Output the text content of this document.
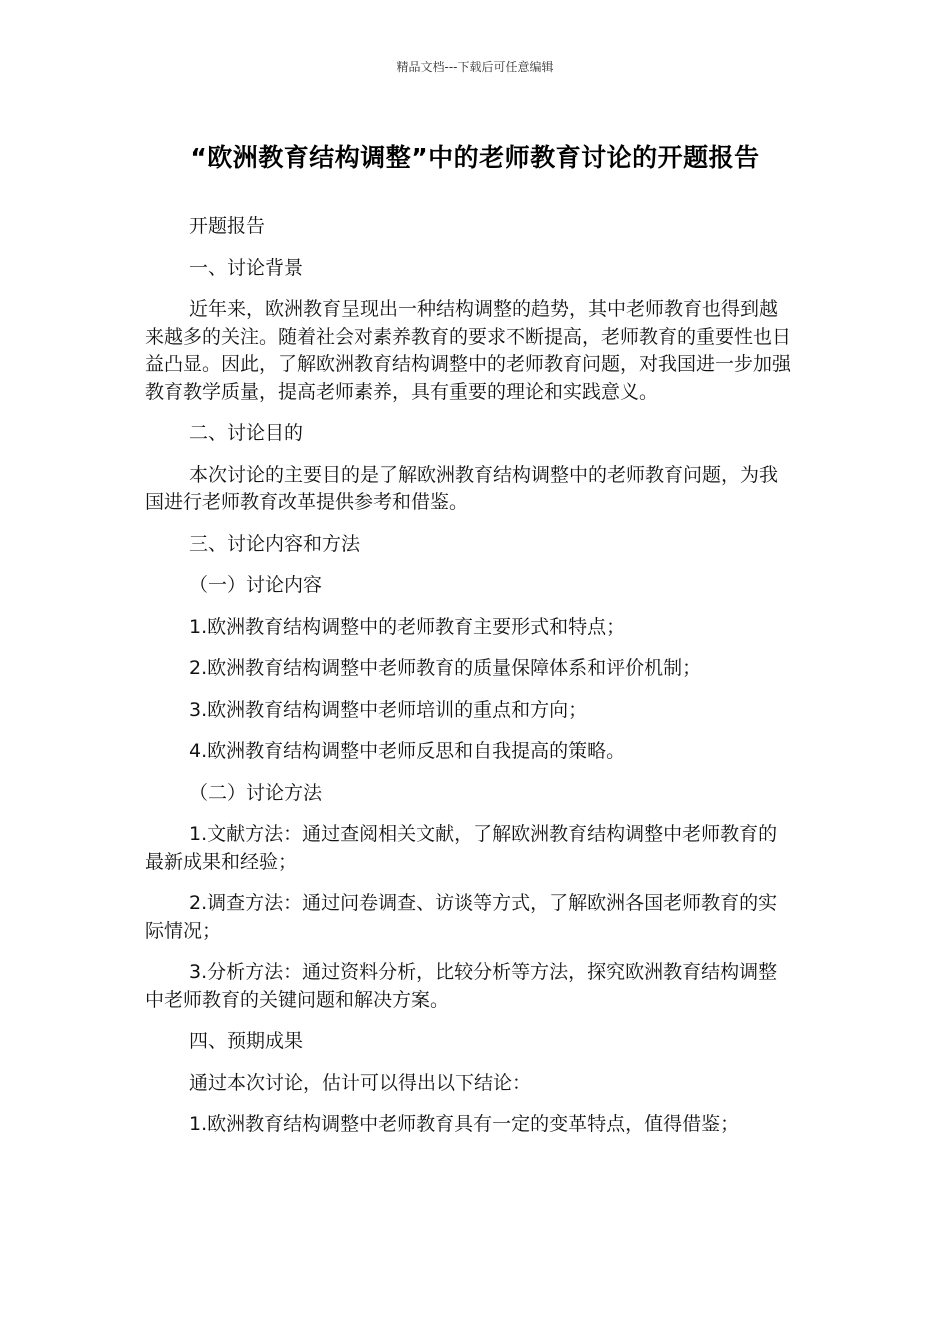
精品文档---下载后可任意编辑
“欧洲教育结构调整”中的老师教育讨论的开题报告

开题报告

一、讨论背景

近年来，欧洲教育呈现出一种结构调整的趋势，其中老师教育也得到越来越多的关注。随着社会对素养教育的要求不断提高，老师教育的重要性也日益凸显。因此，了解欧洲教育结构调整中的老师教育问题，对我国进一步加强教育教学质量，提高老师素养，具有重要的理论和实践意义。

二、讨论目的

本次讨论的主要目的是了解欧洲教育结构调整中的老师教育问题，为我国进行老师教育改革提供参考和借鉴。

三、讨论内容和方法

（一）讨论内容

1.欧洲教育结构调整中的老师教育主要形式和特点；

2.欧洲教育结构调整中老师教育的质量保障体系和评价机制；

3.欧洲教育结构调整中老师培训的重点和方向；

4.欧洲教育结构调整中老师反思和自我提高的策略。

（二）讨论方法

1.文献方法：通过查阅相关文献，了解欧洲教育结构调整中老师教育的最新成果和经验；

2.调查方法：通过问卷调查、访谈等方式，了解欧洲各国老师教育的实际情况；

3.分析方法：通过资料分析，比较分析等方法，探究欧洲教育结构调整中老师教育的关键问题和解决方案。

四、预期成果

通过本次讨论，估计可以得出以下结论：

1.欧洲教育结构调整中老师教育具有一定的变革特点，值得借鉴；
